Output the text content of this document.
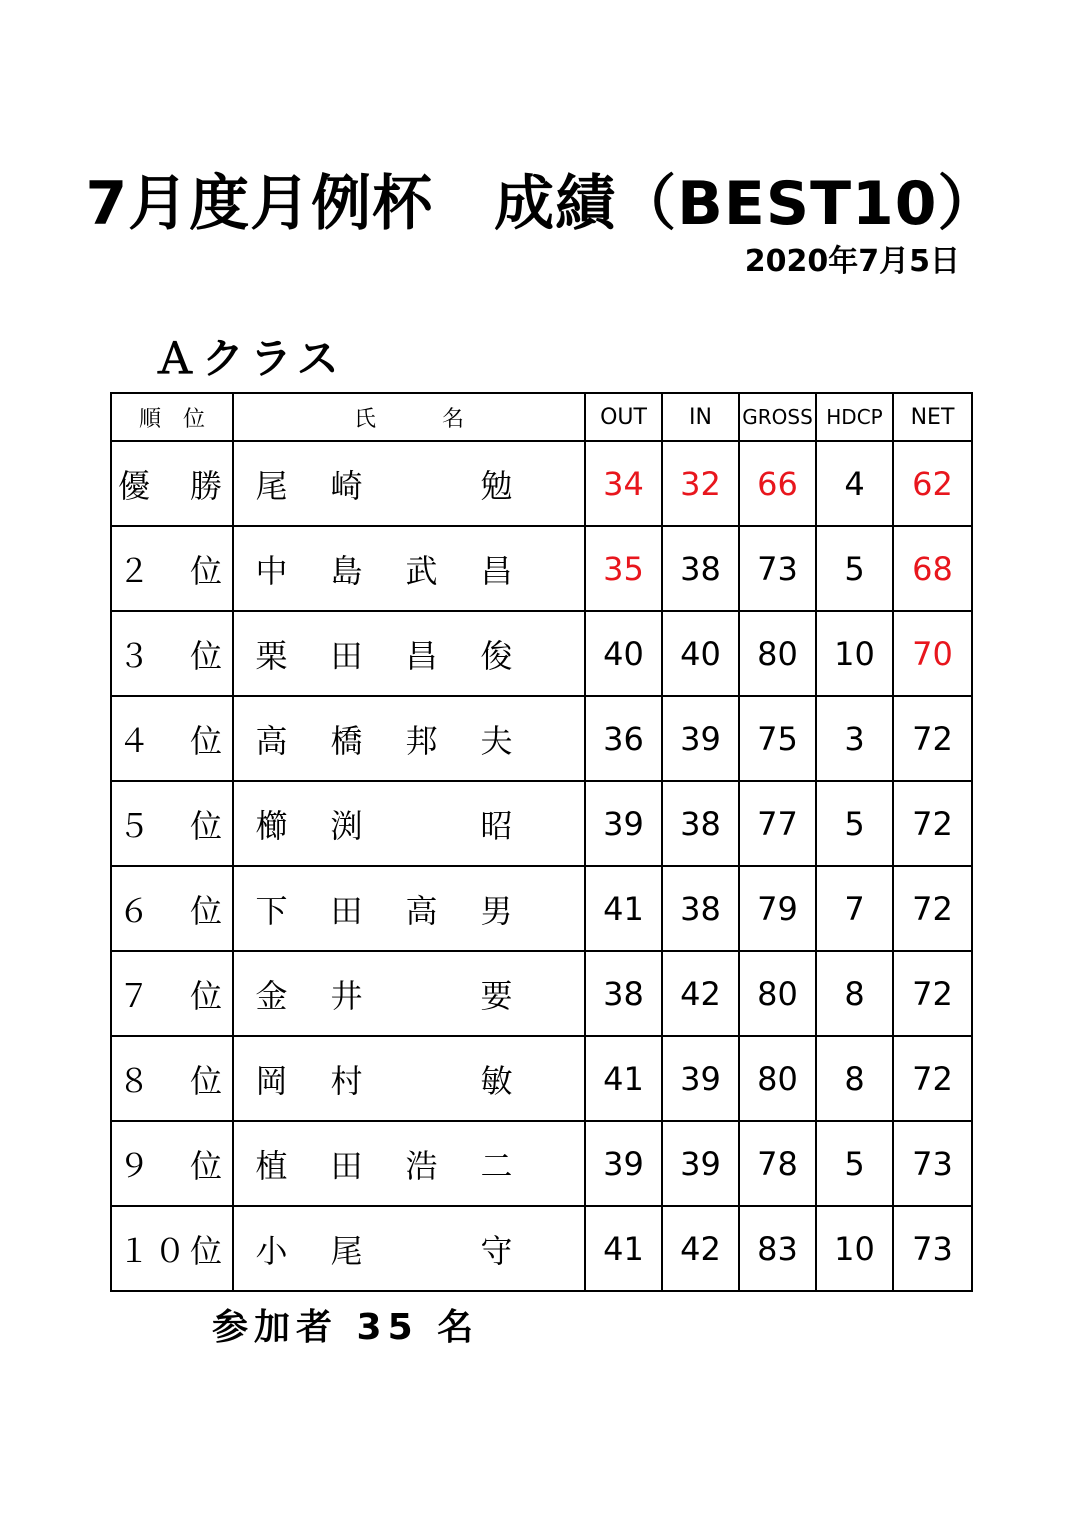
7月度月例杯　成績（BEST10）
2020年7月5日
Ａクラス
順　位	氏　　　名	OUT	IN	GROSS	HDCP	NET
優　勝	尾 崎 勉	34	32	66	4	62
２　位	中 島 武 昌	35	38	73	5	68
３　位	栗 田 昌 俊	40	40	80	10	70
４　位	高 橋 邦 夫	36	39	75	3	72
５　位	櫛 渕 昭	39	38	77	5	72
６　位	下 田 高 男	41	38	79	7	72
７　位	金 井 要	38	42	80	8	72
８　位	岡 村 敏	41	39	80	8	72
９　位	植 田 浩 二	39	39	78	5	73
１０位	小 尾 守	41	42	83	10	73
参加者 35 名
